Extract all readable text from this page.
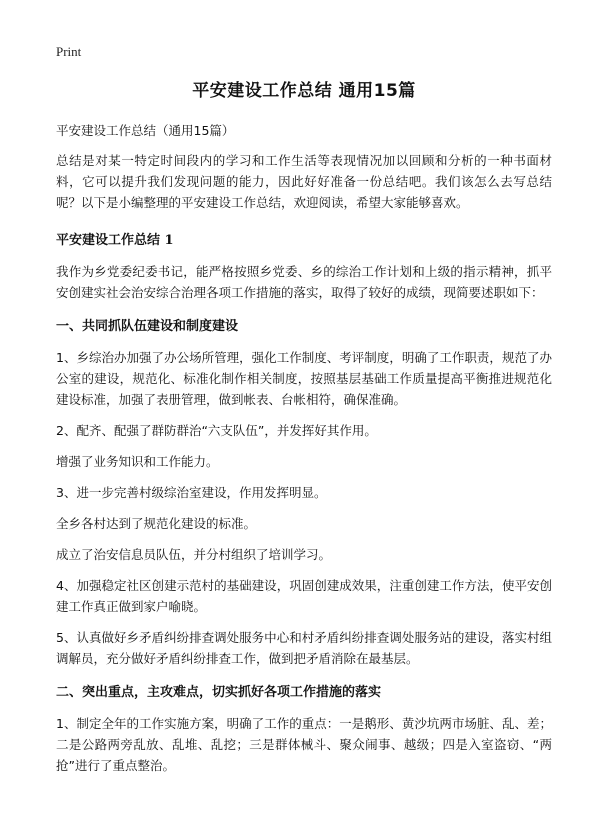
Print
平安建设工作总结 通用15篇
平安建设工作总结（通用15篇）

总结是对某一特定时间段内的学习和工作生活等表现情况加以回顾和分析的一种书面材料，它可以提升我们发现问题的能力，因此好好准备一份总结吧。我们该怎么去写总结呢？以下是小编整理的平安建设工作总结，欢迎阅读，希望大家能够喜欢。

平安建设工作总结 1

我作为乡党委纪委书记，能严格按照乡党委、乡的综治工作计划和上级的指示精神，抓平安创建实社会治安综合治理各项工作措施的落实，取得了较好的成绩，现简要述职如下：

一、共同抓队伍建设和制度建设

1、乡综治办加强了办公场所管理，强化工作制度、考评制度，明确了工作职责，规范了办公室的建设，规范化、标准化制作相关制度，按照基层基础工作质量提高平衡推进规范化建设标准，加强了表册管理，做到帐表、台帐相符，确保准确。

2、配齐、配强了群防群治“六支队伍”，并发挥好其作用。

增强了业务知识和工作能力。

3、进一步完善村级综治室建设，作用发挥明显。

全乡各村达到了规范化建设的标准。

成立了治安信息员队伍，并分村组织了培训学习。

4、加强稳定社区创建示范村的基础建设，巩固创建成效果，注重创建工作方法，使平安创建工作真正做到家户喻晓。

5、认真做好乡矛盾纠纷排查调处服务中心和村矛盾纠纷排查调处服务站的建设，落实村组调解员，充分做好矛盾纠纷排查工作，做到把矛盾消除在最基层。

二、突出重点，主攻难点，切实抓好各项工作措施的落实

1、制定全年的工作实施方案，明确了工作的重点：一是鹅形、黄沙坑两市场脏、乱、差；二是公路两旁乱放、乱堆、乱挖；三是群体械斗、聚众闹事、越级；四是入室盗窃、“两抢”进行了重点整治。
